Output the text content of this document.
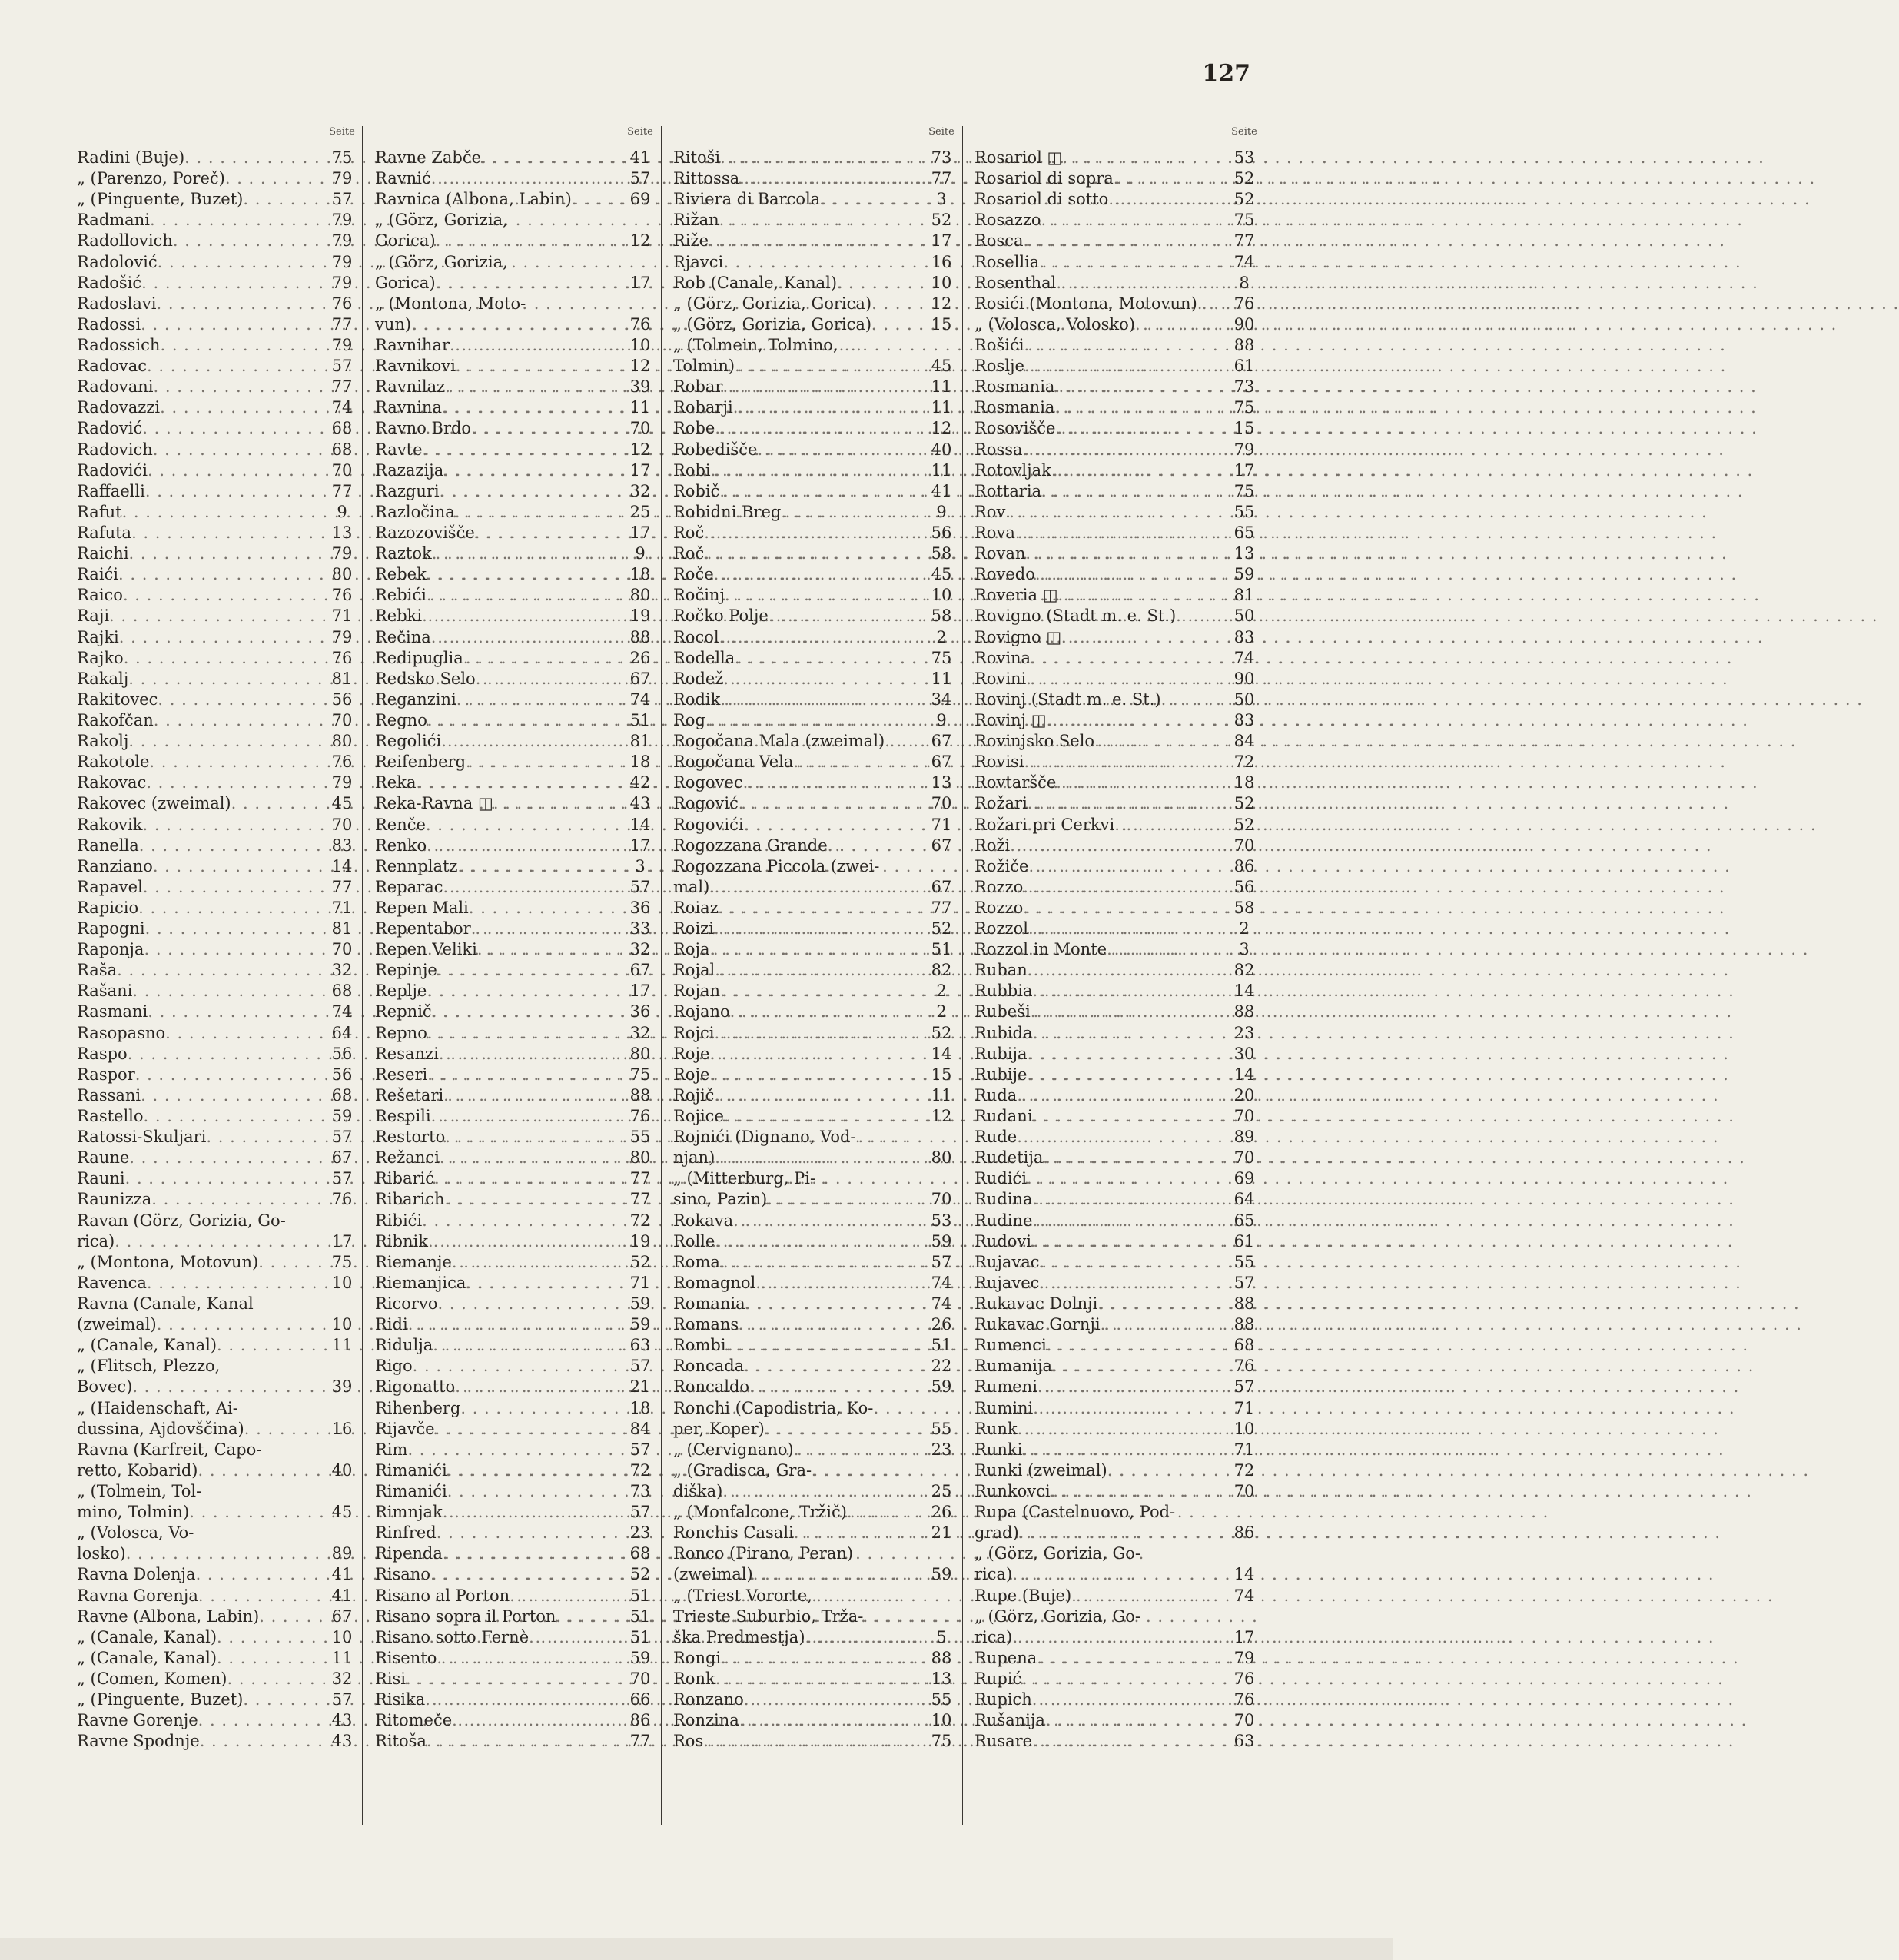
127
Seite
Radini (Buje) . . .	75
„ (Parenzo, Poreč) . . .	79
„ (Pinguente, Buzet) . . .	57
Radmani . . .	79
Radollovich . . .	79
Radolović . . .	79
Radošić . . .	79
Radoslavi . . .	76
Radossi . . .	77
Radossich . . .	79
Radovac . . .	57
Radovani . . .	77
Radovazzi . . .	74
Radović . . .	68
Radovich . . .	68
Radovići . . .	70
Raffaelli . . .	77
Rafut . . .	9
Rafuta . . .	13
Raichi . . .	79
Raići . . .	80
Raico . . .	76
Raji . . .	71
Rajki . . .	79
Rajko . . .	76
Rakalj . . .	81
Rakitovec . . .	56
Rakofčan . . .	70
Rakolj . . .	80
Rakotole . . .	76
Rakovac . . .	79
Rakovec (zweimal) . . .	45
Rakovik . . .	70
Ranella . . .	83
Ranziano . . .	14
Rapavel . . .	77
Rapicio . . .	71
Rapogni . . .	81
Raponja . . .	70
Raša . . .	32
Rašani . . .	68
Rasmani . . .	74
Rasopasno . . .	64
Raspo . . .	56
Raspor . . .	56
Rassani . . .	68
Rastello . . .	59
Ratossi-Skuljari . . .	57
Raune . . .	67
Rauni . . .	57
Raunizza . . .	76
Ravan (Görz, Gorizia, Go-
rica) . . .	17
„ (Montona, Motovun) . . .	75
Ravenca . . .	10
Ravna (Canale, Kanal
(zweimal) . . .	10
„ (Canale, Kanal) . . .	11
„ (Flitsch, Plezzo,
Bovec) . . .	39
„ (Haidenschaft, Ai-
dussina, Ajdovščina) . . .	16
Ravna (Karfreit, Capo-
retto, Kobarid) . . .	40
„ (Tolmein, Tol-
mino, Tolmin) . . .	45
„ (Volosca, Vo-
losko) . . .	89
Ravna Dolenja . . .	41
Ravna Gorenja . . .	41
Ravne (Albona, Labin) . . .	67
„ (Canale, Kanal) . . .	10
„ (Canale, Kanal) . . .	11
„ (Comen, Komen) . . .	32
„ (Pinguente, Buzet) . . .	57
Ravne Gorenje . . .	43
Ravne Spodnje . . .	43
Seite
Ravne Zabče . . .	41
Ravnić . . .	57
Ravnica (Albona, Labin) . . .	69
„ (Görz, Gorizia,
Gorica) . . .	12
„ (Görz, Gorizia,
Gorica) . . .	17
„ (Montona, Moto-
vun) . . .	76
Ravnihar . . .	10
Ravnikovi . . .	12
Ravnilaz . . .	39
Ravnina . . .	11
Ravno Brdo . . .	70
Ravte . . .	12
Razazija . . .	17
Razguri . . .	32
Razločina . . .	25
Razozovišče . . .	17
Raztok . . .	9
Rebek . . .	18
Rebići . . .	80
Rebki . . .	19
Rečina . . .	88
Redipuglia . . .	26
Redsko Selo . . .	67
Reganzini . . .	74
Regno . . .	51
Regolići . . .	81
Reifenberg . . .	18
Reka . . .	42
Reka-Ravna ◫ . . .	43
Renče . . .	14
Renko . . .	17
Rennplatz . . .	3
Reparac . . .	57
Repen Mali . . .	36
Repentabor . . .	33
Repen Veliki . . .	32
Repinje . . .	67
Replje . . .	17
Repnič . . .	36
Repno . . .	32
Resanzi . . .	80
Reseri . . .	75
Rešetari . . .	88
Respili . . .	76
Restorto . . .	55
Režanci . . .	80
Ribarić . . .	77
Ribarich . . .	77
Ribići . . .	72
Ribnik . . .	19
Riemanje . . .	52
Riemanjica . . .	71
Ricorvo . . .	59
Ridi . . .	59
Ridulja . . .	63
Rigo . . .	57
Rigonatto . . .	21
Rihenberg . . .	18
Rijavče . . .	84
Rim . . .	57
Rimanići . . .	72
Rimanići . . .	73
Rimnjak . . .	57
Rinfred . . .	23
Ripenda . . .	68
Risano . . .	52
Risano al Porton . . .	51
Risano sopra il Porton . . .	51
Risano sotto Fernè . . .	51
Risento . . .	59
Risi . . .	70
Risika . . .	66
Ritomeče . . .	86
Ritoša . . .	77
Seite
Ritoši . . .	73
Rittossa . . .	77
Riviera di Barcola . . .	3
Rižan . . .	52
Riže . . .	17
Rjavci . . .	16
Rob (Canale, Kanal) . . .	10
„ (Görz, Gorizia, Gorica) . . .	12
„ (Görz, Gorizia, Gorica) . . .	15
„ (Tolmein, Tolmino,
Tolmin) . . .	45
Robar . . .	11
Robarji . . .	11
Robe . . .	12
Robedišče . . .	40
Robi . . .	11
Robič . . .	41
Robidni Breg . . .	9
Roč . . .	56
Roč . . .	58
Roče . . .	45
Ročinj . . .	10
Ročko Polje . . .	58
Rocol . . .	2
Rodella . . .	75
Rodež . . .	11
Rodik . . .	34
Rog . . .	9
Rogočana Mala (zweimal) . . .	67
Rogočana Vela . . .	67
Rogovec . . .	13
Rogović . . .	70
Rogovići . . .	71
Rogozzana Grande . . .	67
Rogozzana Piccola (zwei-
mal) . . .	67
Roiaz . . .	77
Roizi . . .	52
Roja . . .	51
Rojal . . .	82
Rojan . . .	2
Rojano . . .	2
Rojci . . .	52
Roje . . .	14
Roje . . .	15
Rojič . . .	11
Rojice . . .	12
Rojnići (Dignano, Vod-
njan) . . .	80
„ (Mitterburg, Pi-
sino, Pazin) . . .	70
Rokava . . .	53
Rolle . . .	59
Roma . . .	57
Romagnol . . .	74
Romania . . .	74
Romans . . .	26
Rombi . . .	51
Roncada . . .	22
Roncaldo . . .	59
Ronchi (Capodistria, Ko-
per, Koper) . . .	55
„ (Cervignano) . . .	23
„ (Gradisca, Gra-
diška) . . .	25
„ (Monfalcone, Tržič) . . .	26
Ronchis Casali . . .	21
Ronco (Pirano, Peran)
(zweimal) . . .	59
„ (Triest Vororte,
Trieste Suburbio, Trža-
ška Predmestja) . . .	5
Rongi . . .	88
Ronk . . .	13
Ronzano . . .	55
Ronzina . . .	10
Ros . . .	75
Seite
Rosariol ◫ . . .	53
Rosariol di sopra . . .	52
Rosariol di sotto . . .	52
Rosazzo . . .	75
Rosca . . .	77
Rosellia . . .	74
Rosenthal . . .	8
Rosići (Montona, Motovun) . . .	76
„ (Volosca, Volosko) . . .	90
Rošići . . .	88
Roslje . . .	61
Rosmania . . .	73
Rosmania . . .	75
Rosovišče . . .	15
Rossa . . .	79
Rotovljak . . .	17
Rottaria . . .	75
Rov . . .	55
Rova . . .	65
Rovan . . .	13
Rovedo . . .	59
Roveria ◫ . . .	81
Rovigno (Stadt m. e. St.) . . .	50
Rovigno ◫ . . .	83
Rovina . . .	74
Rovini . . .	90
Rovinj (Stadt m. e. St.) . . .	50
Rovinj ◫ . . .	83
Rovinjsko Selo . . .	84
Rovisi . . .	72
Rovtaršče . . .	18
Rožari . . .	52
Rožari pri Cerkvi . . .	52
Roži . . .	70
Rožiče . . .	86
Rozzo . . .	56
Rozzo . . .	58
Rozzol . . .	2
Rozzol in Monte . . .	3
Ruban . . .	82
Rubbia . . .	14
Rubeši . . .	88
Rubida . . .	23
Rubija . . .	30
Rubije . . .	14
Ruda . . .	20
Rudani . . .	70
Rude . . .	89
Rudetija . . .	70
Rudići . . .	69
Rudina . . .	64
Rudine . . .	65
Rudovi . . .	61
Rujavac . . .	55
Rujavec . . .	57
Rukavac Dolnji . . .	88
Rukavac Gornji . . .	88
Rumenci . . .	68
Rumanija . . .	76
Rumeni . . .	57
Rumini . . .	71
Runk . . .	10
Runki . . .	71
Runki (zweimal) . . .	72
Runkovci . . .	70
Rupa (Castelnuovo, Pod-
grad) . . .	86
„ (Görz, Gorizia, Go-
rica) . . .	14
Rupe (Buje) . . .	74
„ (Görz, Gorizia, Go-
rica) . . .	17
Rupena . . .	79
Rupić . . .	76
Rupich . . .	76
Rušanija . . .	70
Rusare . . .	63
